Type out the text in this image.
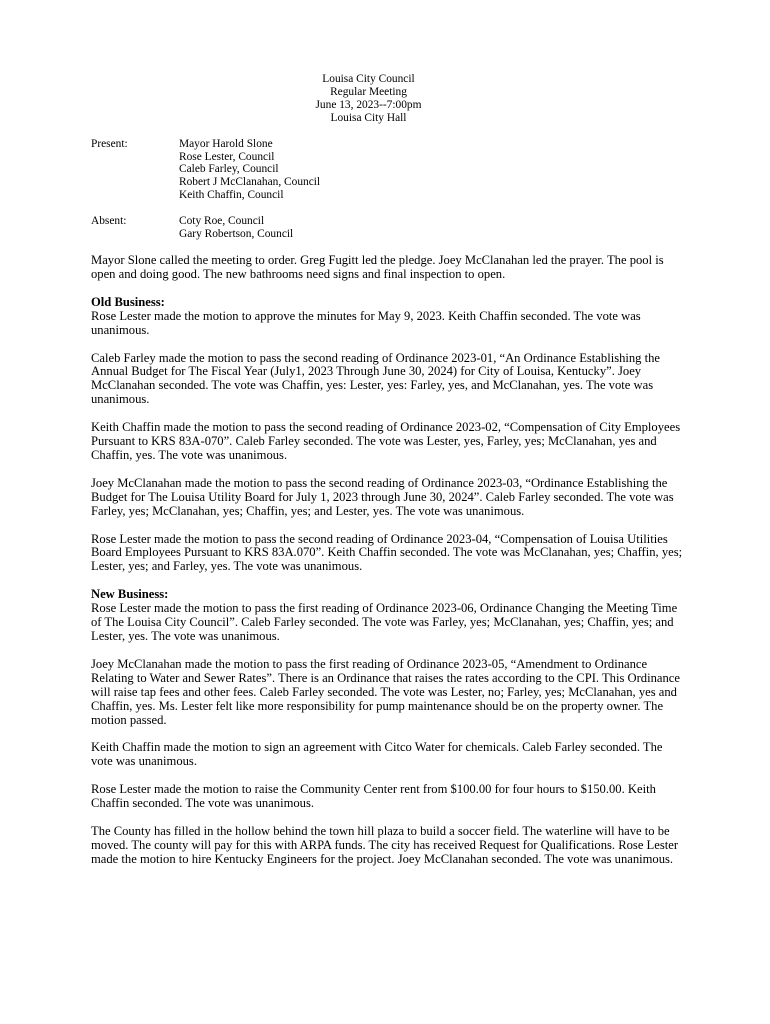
Louisa City Council
Regular Meeting
June 13, 2023--7:00pm
Louisa City Hall
Present:	Mayor Harold Slone
Rose Lester, Council
Caleb Farley, Council
Robert J McClanahan, Council
Keith Chaffin, Council
Absent:	Coty Roe, Council
Gary Robertson, Council

Mayor Slone called the meeting to order. Greg Fugitt led the pledge. Joey McClanahan led the prayer. The pool is open and doing good. The new bathrooms need signs and final inspection to open.

Old Business:

Rose Lester made the motion to approve the minutes for May 9, 2023. Keith Chaffin seconded. The vote was unanimous.

Caleb Farley made the motion to pass the second reading of Ordinance 2023-01, “An Ordinance Establishing the Annual Budget for The Fiscal Year (July1, 2023 Through June 30, 2024) for City of Louisa, Kentucky”. Joey McClanahan seconded. The vote was Chaffin, yes: Lester, yes: Farley, yes, and McClanahan, yes. The vote was unanimous.

Keith Chaffin made the motion to pass the second reading of Ordinance 2023-02, “Compensation of City Employees Pursuant to KRS 83A-070”. Caleb Farley seconded. The vote was Lester, yes, Farley, yes; McClanahan, yes and Chaffin, yes. The vote was unanimous.

Joey McClanahan made the motion to pass the second reading of Ordinance 2023-03, “Ordinance Establishing the Budget for The Louisa Utility Board for July 1, 2023 through June 30, 2024”. Caleb Farley seconded. The vote was Farley, yes; McClanahan, yes; Chaffin, yes; and Lester, yes. The vote was unanimous.

Rose Lester made the motion to pass the second reading of Ordinance 2023-04, “Compensation of Louisa Utilities Board Employees Pursuant to KRS 83A.070”. Keith Chaffin seconded. The vote was McClanahan, yes; Chaffin, yes; Lester, yes; and Farley, yes. The vote was unanimous.

New Business:

Rose Lester made the motion to pass the first reading of Ordinance 2023-06, Ordinance Changing the Meeting Time of The Louisa City Council”. Caleb Farley seconded. The vote was Farley, yes; McClanahan, yes; Chaffin, yes; and Lester, yes. The vote was unanimous.

Joey McClanahan made the motion to pass the first reading of Ordinance 2023-05, “Amendment to Ordinance Relating to Water and Sewer Rates”. There is an Ordinance that raises the rates according to the CPI. This Ordinance will raise tap fees and other fees. Caleb Farley seconded. The vote was Lester, no; Farley, yes; McClanahan, yes and Chaffin, yes. Ms. Lester felt like more responsibility for pump maintenance should be on the property owner. The motion passed.

Keith Chaffin made the motion to sign an agreement with Citco Water for chemicals. Caleb Farley seconded. The vote was unanimous.

Rose Lester made the motion to raise the Community Center rent from $100.00 for four hours to $150.00. Keith Chaffin seconded. The vote was unanimous.

The County has filled in the hollow behind the town hill plaza to build a soccer field. The waterline will have to be moved. The county will pay for this with ARPA funds. The city has received Request for Qualifications. Rose Lester made the motion to hire Kentucky Engineers for the project. Joey McClanahan seconded. The vote was unanimous.
